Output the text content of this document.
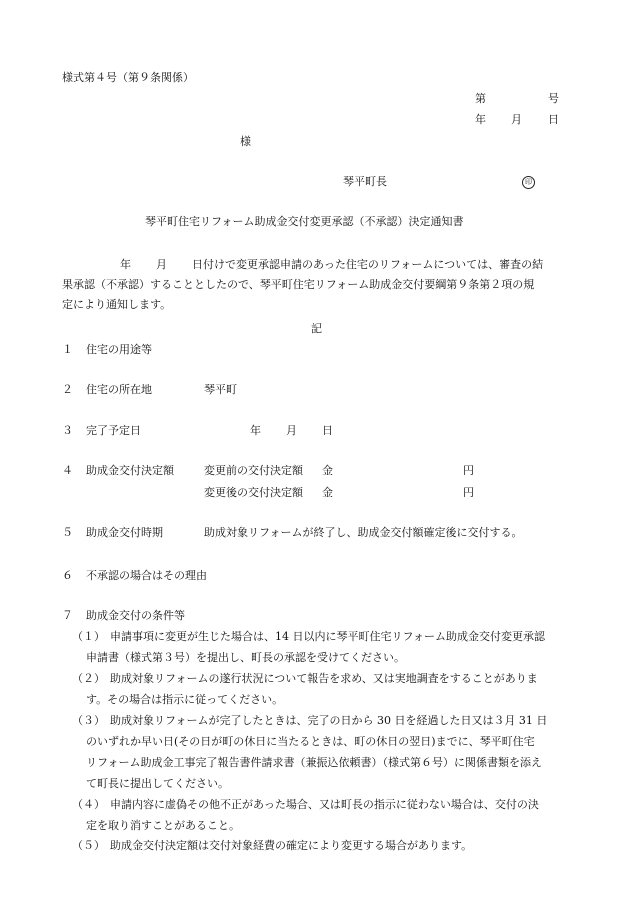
様式第４号（第９条関係）
第	号
年 月 日
様
琴平町長	印
琴平町住宅リフォーム助成金交付変更承認（不承認）決定通知書
年 月 日付けで変更承認申請のあった住宅のリフォームについては、審査の結
果承認（不承認）することとしたので、琴平町住宅リフォーム助成金交付要綱第９条第２項の規
定により通知します。
記
１ 住宅の用途等
２ 住宅の所在地	琴平町
３ 完了予定日	年 月 日
４ 助成金交付決定額	変更前の交付決定額 金	円
変更後の交付決定額 金	円
５ 助成金交付時期	助成対象リフォームが終了し、助成金交付額確定後に交付する。
６ 不承認の場合はその理由
７ 助成金交付の条件等
（１） 申請事項に変更が生じた場合は、14 日以内に琴平町住宅リフォーム助成金交付変更承認
申請書（様式第３号）を提出し、町長の承認を受けてください。
（２） 助成対象リフォームの遂行状況について報告を求め、又は実地調査をすることがありま
す。その場合は指示に従ってください。
（３） 助成対象リフォームが完了したときは、完了の日から 30 日を経過した日又は３月 31 日
のいずれか早い日(その日が町の休日に当たるときは、町の休日の翌日)までに、琴平町住宅
リフォーム助成金工事完了報告書件請求書（兼振込依頼書）（様式第６号）に関係書類を添え
て町長に提出してください。
（４） 申請内容に虚偽その他不正があった場合、又は町長の指示に従わない場合は、交付の決
定を取り消すことがあること。
（５） 助成金交付決定額は交付対象経費の確定により変更する場合があります。
